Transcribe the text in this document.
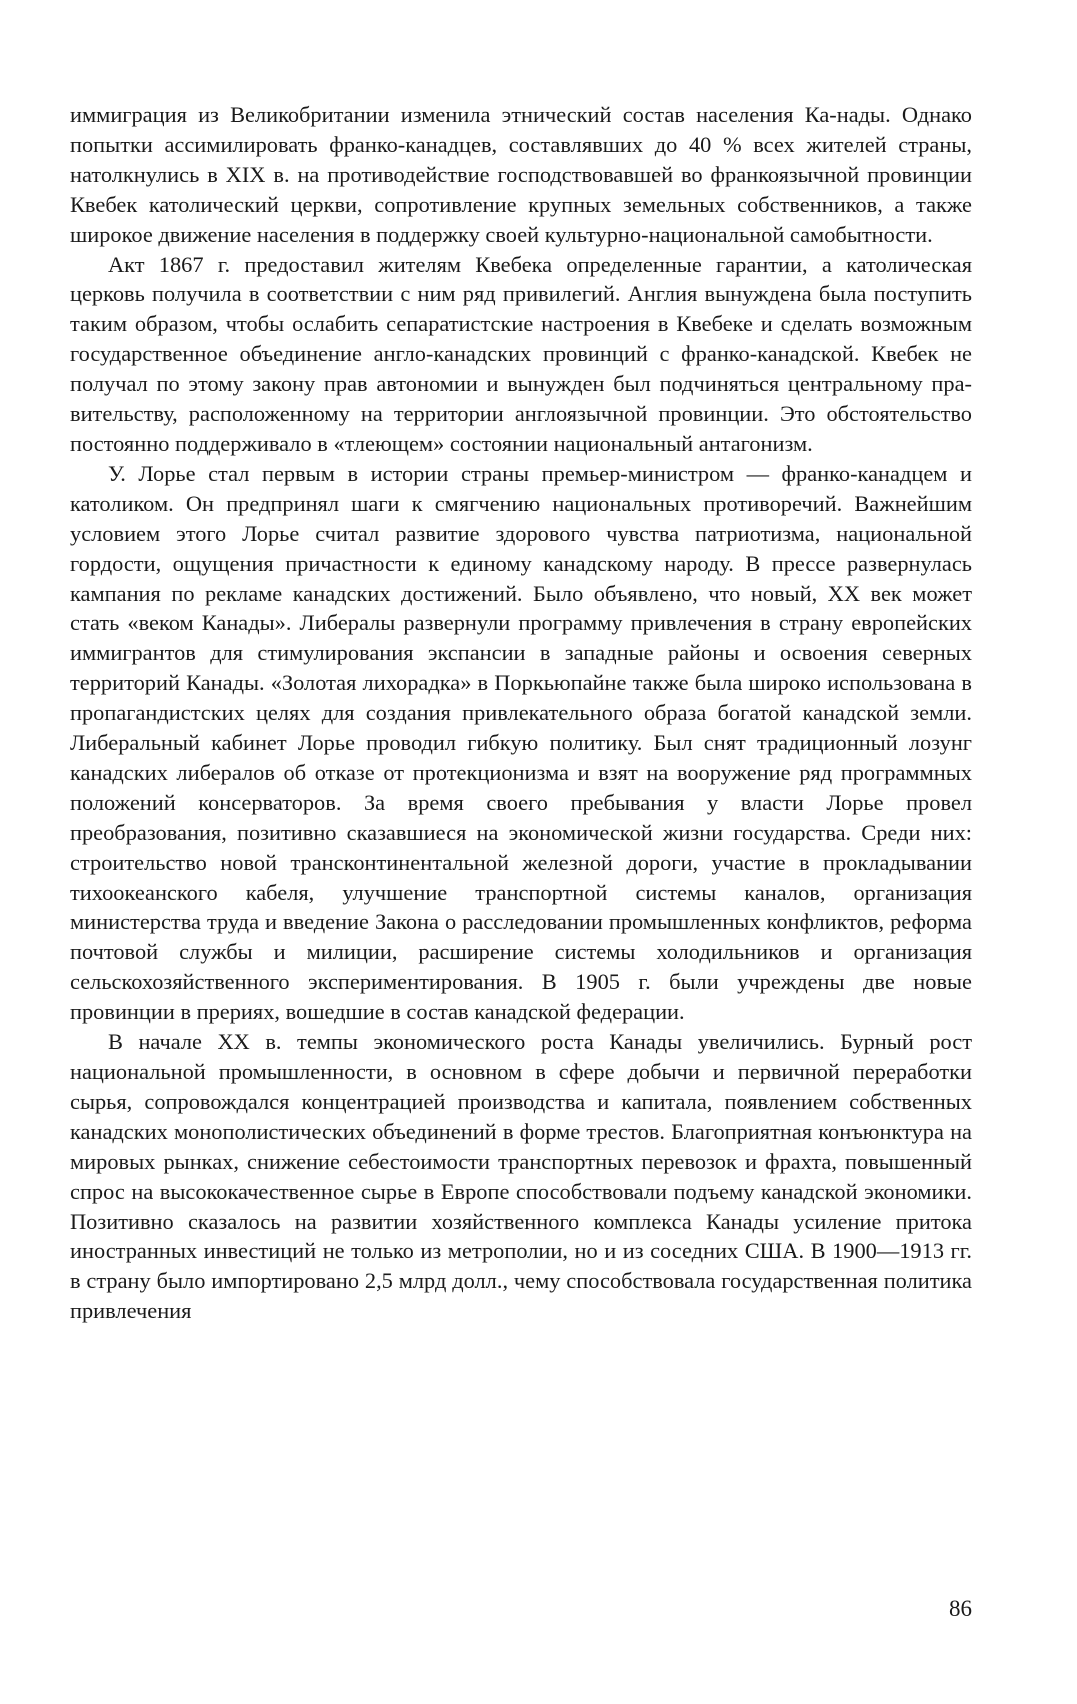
иммиграция из Великобритании изменила этнический состав населения Ка-нады. Однако попытки ассимилировать франко-канадцев, составлявших до 40 % всех жителей страны, натолкнулись в XIX в. на противодействие господствовавшей во франкоязычной провинции Квебек католический церкви, сопротивление крупных земельных собственников, а также широкое движение населения в поддержку своей культурно-национальной самобытности.

Акт 1867 г. предоставил жителям Квебека определенные гарантии, а католическая церковь получила в соответствии с ним ряд привилегий. Англия вынуждена была поступить таким образом, чтобы ослабить сепаратистские настроения в Квебеке и сделать возможным государственное объединение англо-канадских провинций с франко-канадской. Квебек не получал по этому закону прав автономии и вынужден был подчиняться центральному правительству, расположенному на территории англоязычной провинции. Это обстоятельство постоянно поддерживало в «тлеющем» состоянии национальный антагонизм.

У. Лорье стал первым в истории страны премьер-министром — франко-канадцем и католиком. Он предпринял шаги к смягчению национальных противоречий. Важнейшим условием этого Лорье считал развитие здорового чувства патриотизма, национальной гордости, ощущения причастности к единому канадскому народу. В прессе развернулась кампания по рекламе канадских достижений. Было объявлено, что новый, XX век может стать «веком Канады». Либералы развернули программу привлечения в страну европейских иммигрантов для стимулирования экспансии в западные районы и освоения северных территорий Канады. «Золотая лихорадка» в Поркьюпайне также была широко использована в пропагандистских целях для создания привлекательного образа богатой канадской земли. Либеральный кабинет Лорье проводил гибкую политику. Был снят традиционный лозунг канадских либералов об отказе от протекционизма и взят на вооружение ряд программных положений консерваторов. За время своего пребывания у власти Лорье провел преобразования, позитивно сказавшиеся на экономической жизни государства. Среди них: строительство новой трансконтинентальной железной дороги, участие в прокладывании тихоокеанского кабеля, улучшение транспортной системы каналов, организация министерства труда и введение Закона о расследовании промышленных конфликтов, реформа почтовой службы и милиции, расширение системы холодильников и организация сельскохозяйственного экспериментирования. В 1905 г. были учреждены две новые провинции в прериях, вошедшие в состав канадской федерации.

В начале XX в. темпы экономического роста Канады увеличились. Бурный рост национальной промышленности, в основном в сфере добычи и первичной переработки сырья, сопровождался концентрацией производства и капитала, появлением собственных канадских монополистических объединений в форме трестов. Благоприятная конъюнктура на мировых рынках, снижение себестоимости транспортных перевозок и фрахта, повышенный спрос на высококачественное сырье в Европе способствовали подъему канадской экономики. Позитивно сказалось на развитии хозяйственного комплекса Канады усиление притока иностранных инвестиций не только из метрополии, но и из соседних США. В 1900—1913 гг. в страну было импортировано 2,5 млрд долл., чему способствовала государственная политика привлечения

86
